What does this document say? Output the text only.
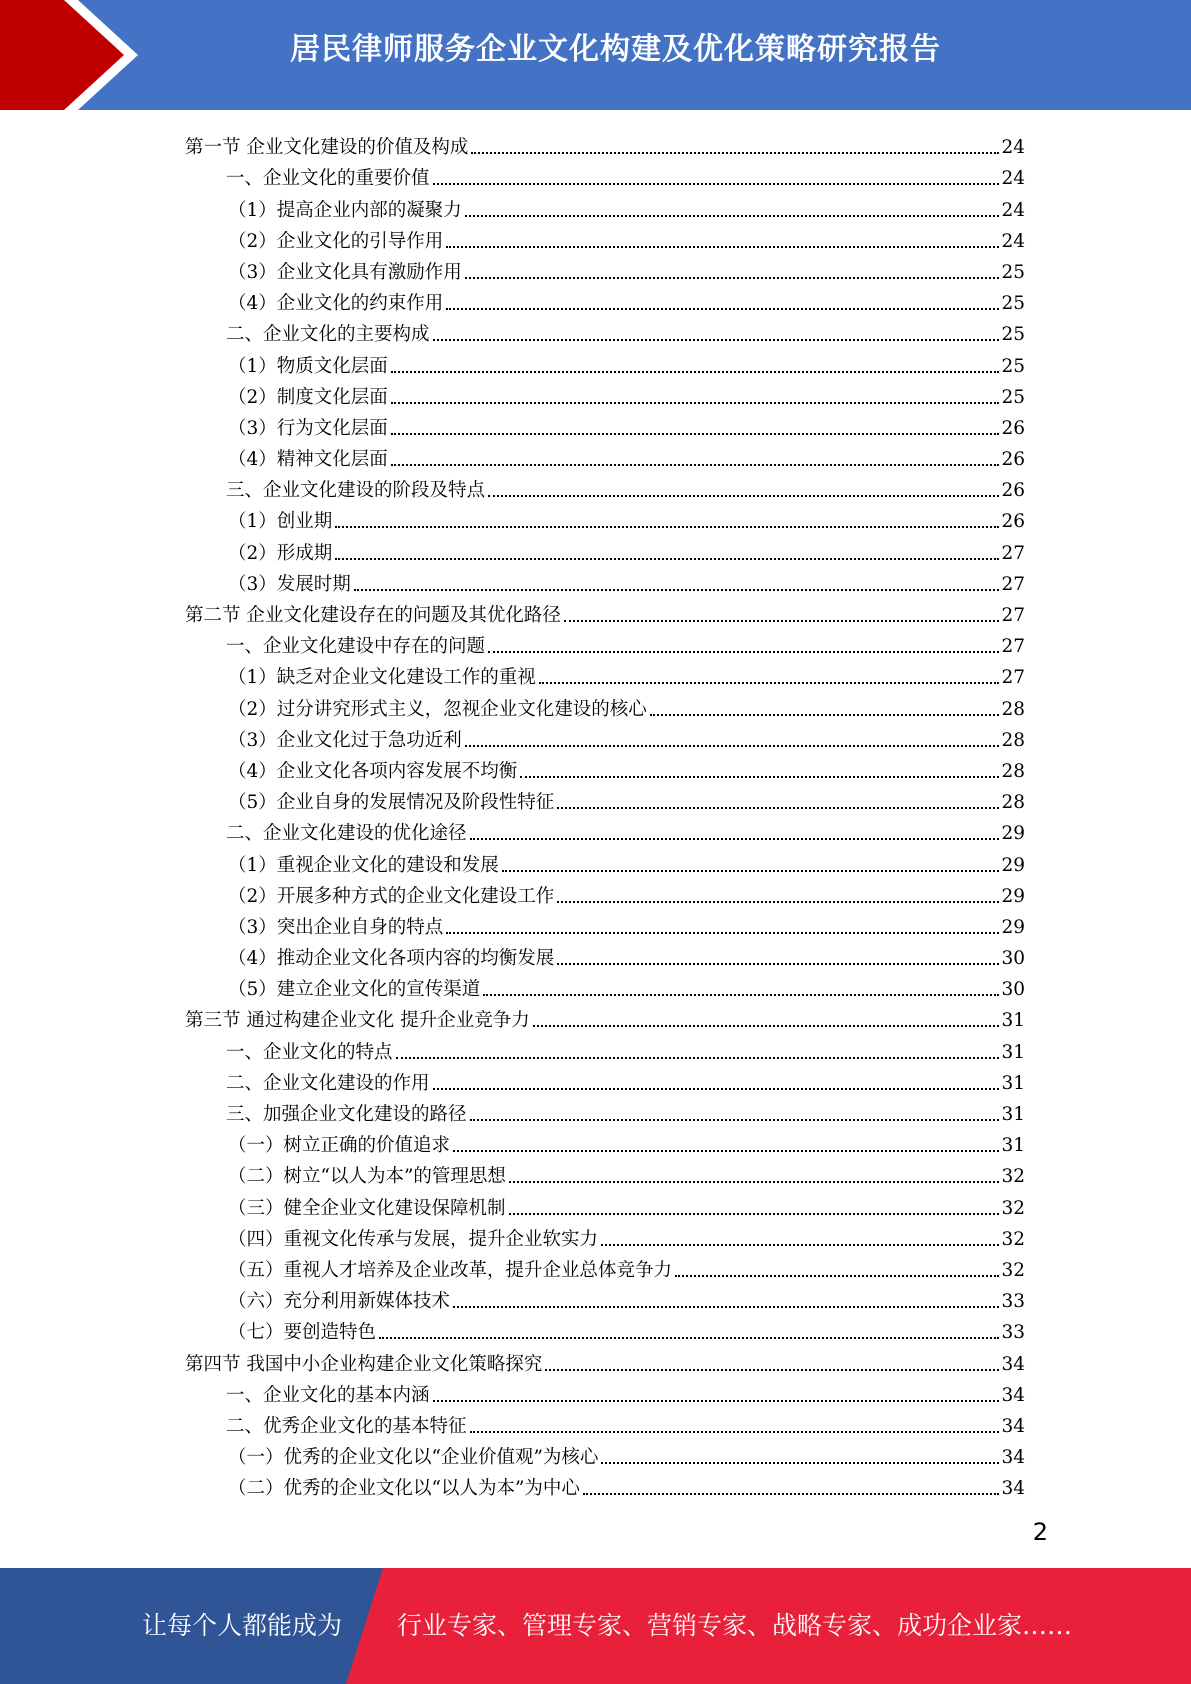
居民律师服务企业文化构建及优化策略研究报告
第一节 企业文化建设的价值及构成	24
一、企业文化的重要价值	24
（1）提高企业内部的凝聚力	24
（2）企业文化的引导作用	24
（3）企业文化具有激励作用	25
（4）企业文化的约束作用	25
二、企业文化的主要构成	25
（1）物质文化层面	25
（2）制度文化层面	25
（3）行为文化层面	26
（4）精神文化层面	26
三、企业文化建设的阶段及特点	26
（1）创业期	26
（2）形成期	27
（3）发展时期	27
第二节 企业文化建设存在的问题及其优化路径	27
一、企业文化建设中存在的问题	27
（1）缺乏对企业文化建设工作的重视	27
（2）过分讲究形式主义，忽视企业文化建设的核心	28
（3）企业文化过于急功近利	28
（4）企业文化各项内容发展不均衡	28
（5）企业自身的发展情况及阶段性特征	28
二、企业文化建设的优化途径	29
（1）重视企业文化的建设和发展	29
（2）开展多种方式的企业文化建设工作	29
（3）突出企业自身的特点	29
（4）推动企业文化各项内容的均衡发展	30
（5）建立企业文化的宣传渠道	30
第三节 通过构建企业文化 提升企业竞争力	31
一、企业文化的特点	31
二、企业文化建设的作用	31
三、加强企业文化建设的路径	31
（一）树立正确的价值追求	31
（二）树立“以人为本”的管理思想	32
（三）健全企业文化建设保障机制	32
（四）重视文化传承与发展，提升企业软实力	32
（五）重视人才培养及企业改革，提升企业总体竞争力	32
（六）充分利用新媒体技术	33
（七）要创造特色	33
第四节 我国中小企业构建企业文化策略探究	34
一、企业文化的基本内涵	34
二、优秀企业文化的基本特征	34
（一）优秀的企业文化以“企业价值观”为核心	34
（二）优秀的企业文化以“以人为本”为中心	34
2
让每个人都能成为 行业专家、管理专家、营销专家、战略专家、成功企业家……
